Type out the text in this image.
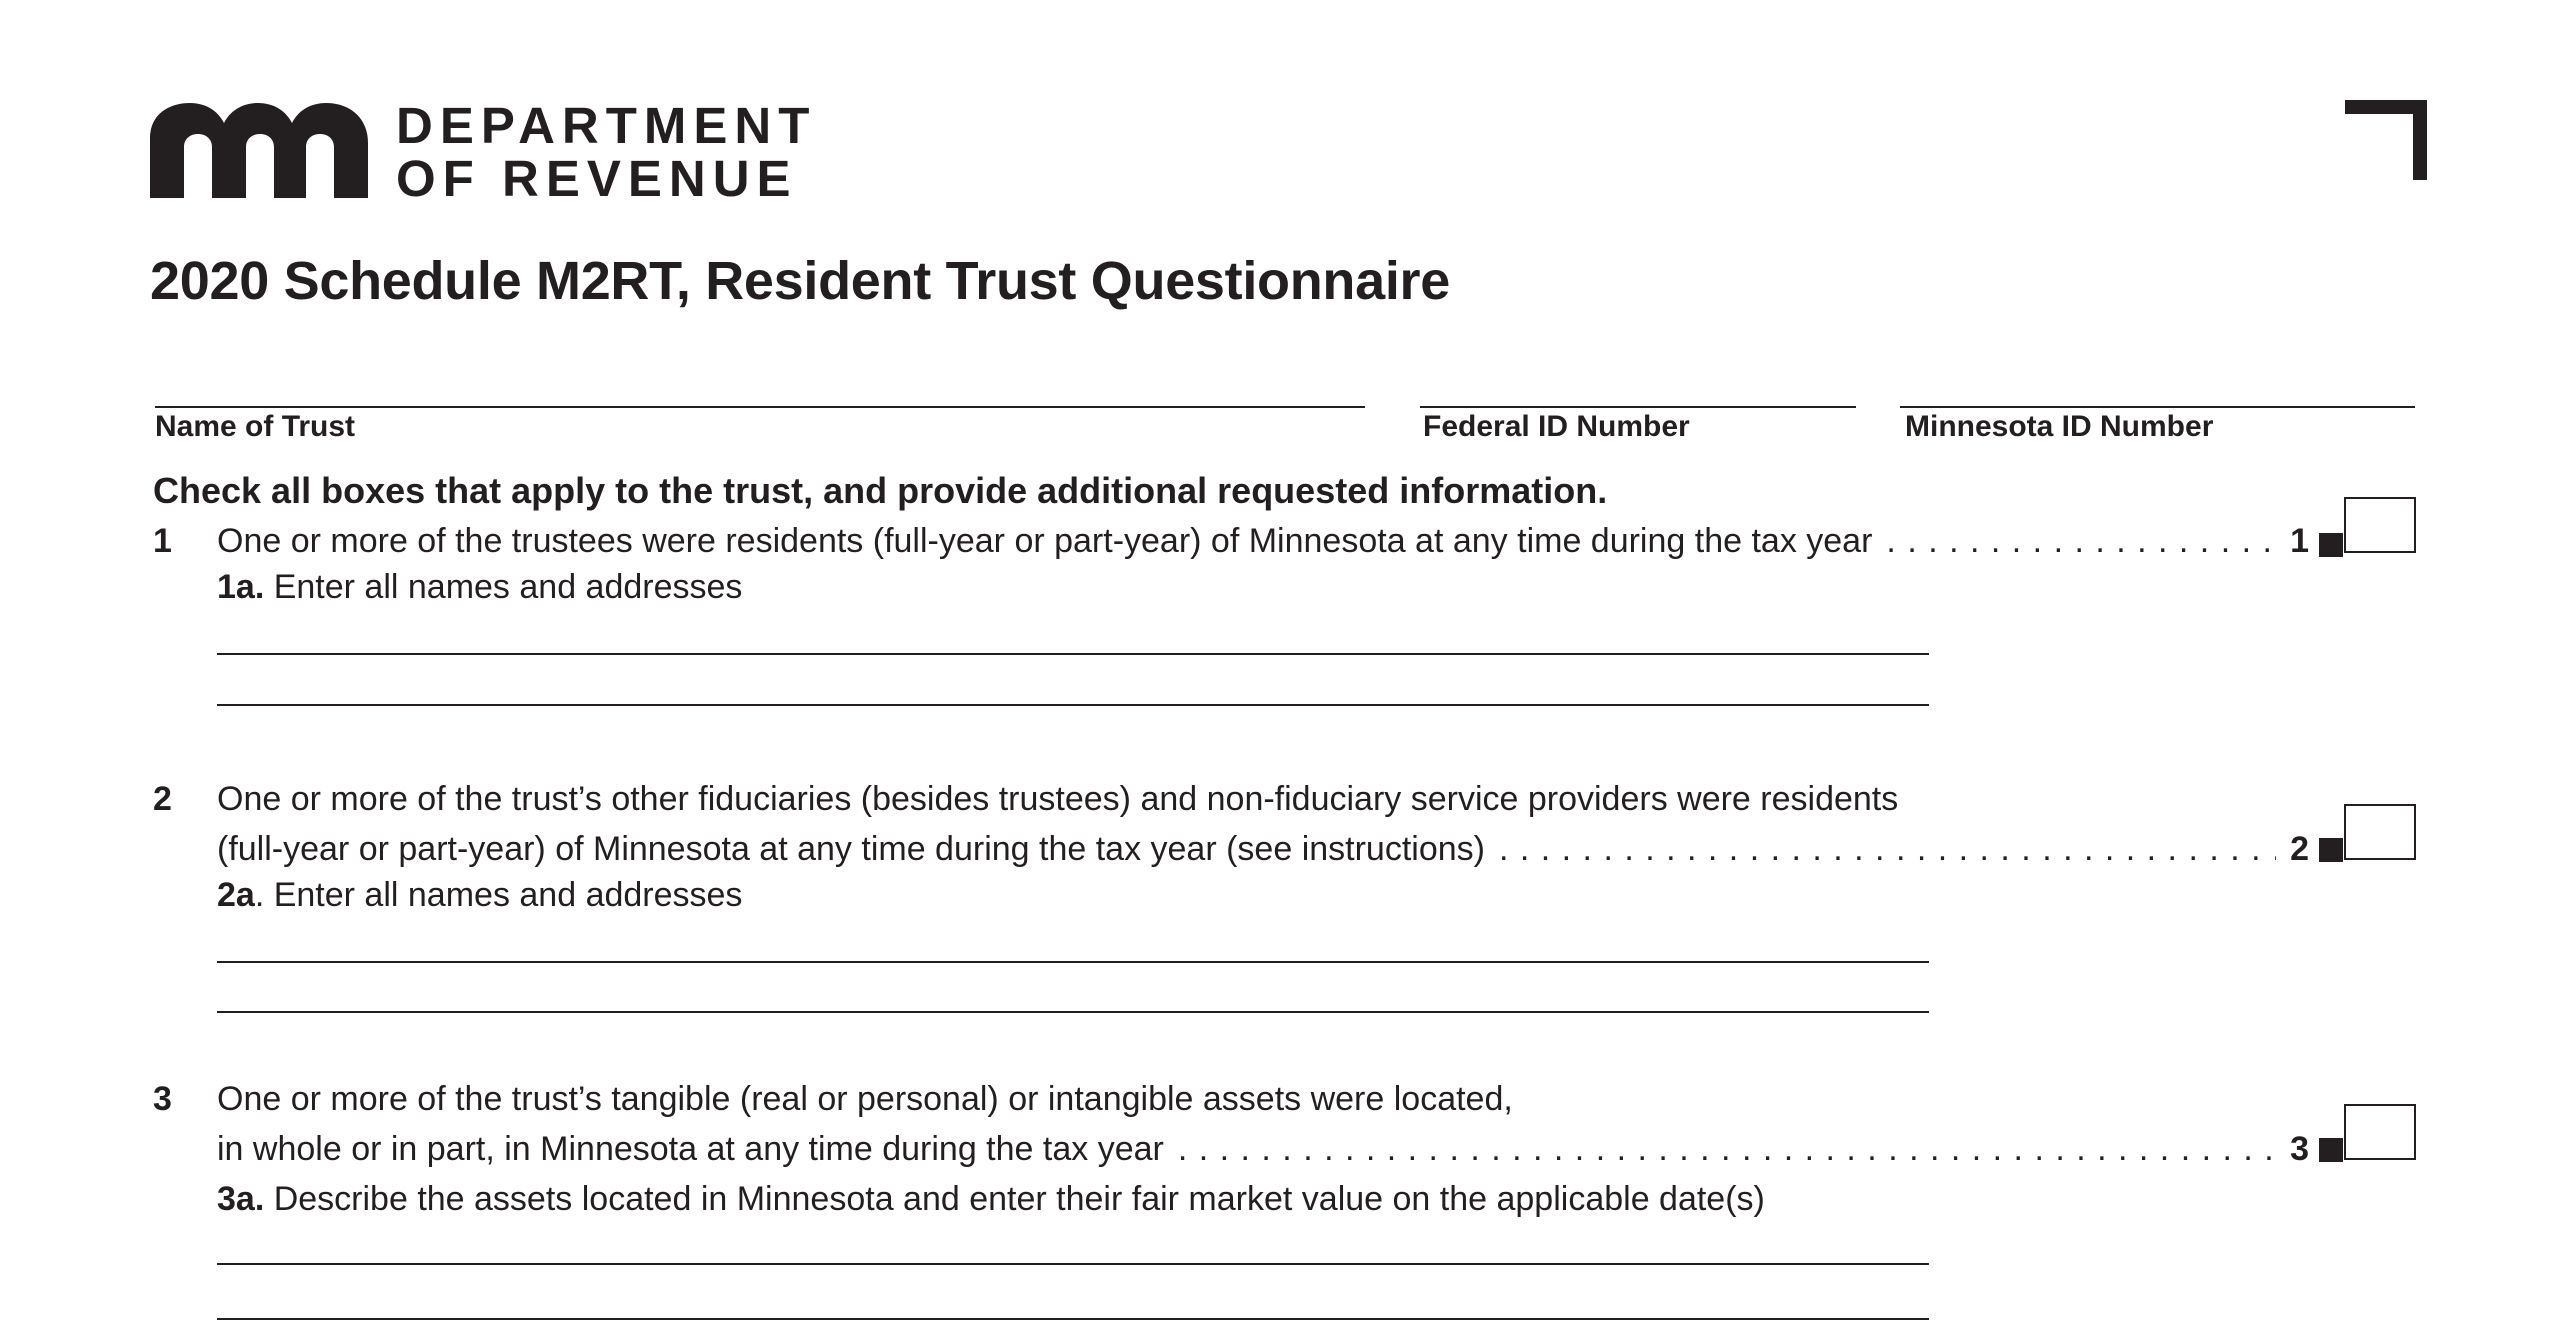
DEPARTMENT
OF REVENUE
2020 Schedule M2RT, Resident Trust Questionnaire
Name of Trust	Federal ID Number	Minnesota ID Number
Check all boxes that apply to the trust, and provide additional requested information.
1	One or more of the trustees were residents (full-year or part-year) of Minnesota at any time during the tax year . . .	1
1a. Enter all names and addresses
2	One or more of the trust’s other fiduciaries (besides trustees) and non-fiduciary service providers were residents
(full-year or part-year) of Minnesota at any time during the tax year (see instructions) . . .	2
2a. Enter all names and addresses
3	One or more of the trust’s tangible (real or personal) or intangible assets were located,
in whole or in part, in Minnesota at any time during the tax year . . .	3
3a. Describe the assets located in Minnesota and enter their fair market value on the applicable date(s)
